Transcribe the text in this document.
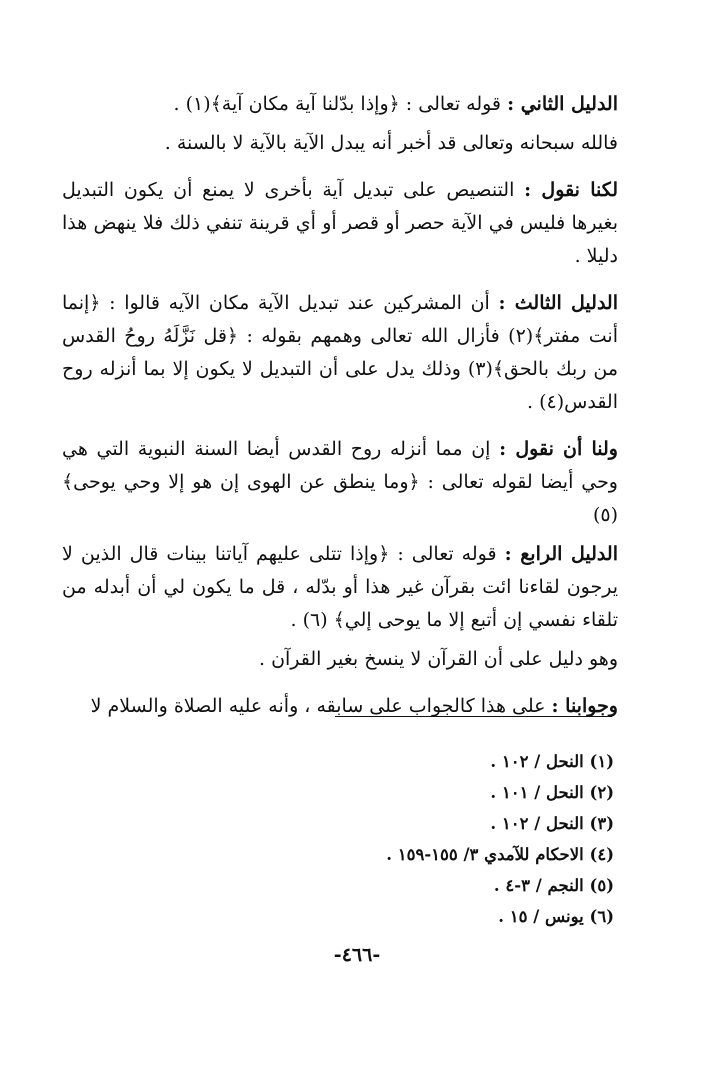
الدليل الثاني : قوله تعالى : ﴿وإذا بدّلنا آية مكان آية﴾(١) .

فالله سبحانه وتعالى قد أخبر أنه يبدل الآية بالآية لا بالسنة .

لكنا نقول : التنصيص على تبديل آية بأخرى لا يمنع أن يكون التبديل بغيرها فليس في الآية حصر أو قصر أو أي قرينة تنفي ذلك فلا ينهض هذا دليلا .

الدليل الثالث : أن المشركين عند تبديل الآية مكان الآيه قالوا : ﴿إنما أنت مفتر﴾(٢) فأزال الله تعالى وهمهم بقوله : ﴿قل نَزَّلَهُ روحُ القدس من ربك بالحق﴾(٣) وذلك يدل على أن التبديل لا يكون إلا بما أنزله روح القدس(٤) .

ولنا أن نقول : إن مما أنزله روح القدس أيضا السنة النبوية التي هي وحي أيضا لقوله تعالى : ﴿وما ينطق عن الهوى إن هو إلا وحي يوحى﴾ (٥)

الدليل الرابع : قوله تعالى : ﴿وإذا تتلى عليهم آياتنا بينات قال الذين لا يرجون لقاءنا ائت بقرآن غير هذا أو بدّله ، قل ما يكون لي أن أبدله من تلقاء نفسي إن أتبع إلا ما يوحى إلي﴾ (٦) .

وهو دليل على أن القرآن لا ينسخ بغير القرآن .

وجوابنا : على هذا كالجواب على سابقه ، وأنه عليه الصلاة والسلام لا

(١) النحل / ١٠٢ .

(٢) النحل / ١٠١ .

(٣) النحل / ١٠٢ .

(٤) الاحكام للآمدي ٣/ ١٥٥-١٥٩ .

(٥) النجم / ٣-٤ .

(٦) يونس / ١٥ .

-٤٦٦-
